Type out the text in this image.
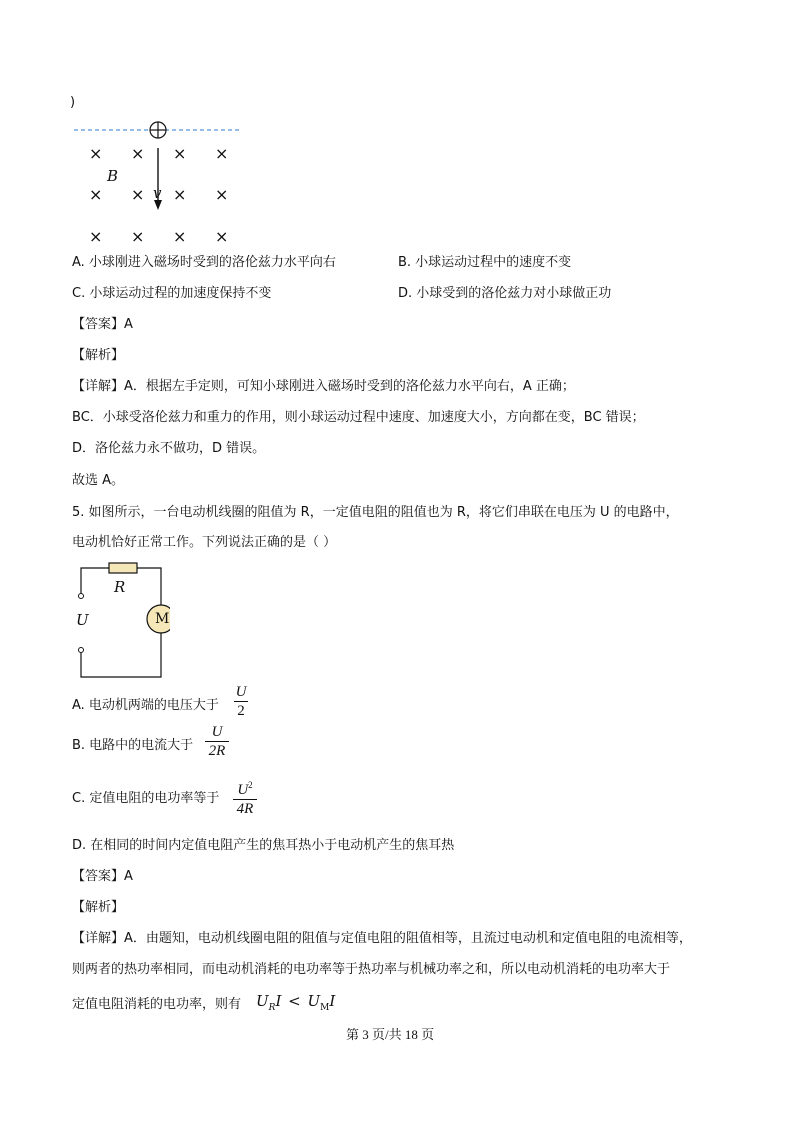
)
× × × ×
× × × ×
× × × ×
B
v
A. 小球刚进入磁场时受到的洛伦兹力水平向右	B. 小球运动过程中的速度不变
C. 小球运动过程的加速度保持不变	D. 小球受到的洛伦兹力对小球做正功
【答案】A
【解析】
【详解】A．根据左手定则，可知小球刚进入磁场时受到的洛伦兹力水平向右，A 正确；
BC．小球受洛伦兹力和重力的作用，则小球运动过程中速度、加速度大小，方向都在变，BC 错误；
D．洛伦兹力永不做功，D 错误。
故选 A。
5. 如图所示，一台电动机线圈的阻值为 R，一定值电阻的阻值也为 R，将它们串联在电压为 U 的电路中，
电动机恰好正常工作。下列说法正确的是（ ）
R
U	M
A. 电动机两端的电压大于
U
2
B. 电路中的电流大于
U
2R
C. 定值电阻的电功率等于
$U^2$
4R
D. 在相同的时间内定值电阻产生的焦耳热小于电动机产生的焦耳热
【答案】A
【解析】
【详解】A．由题知，电动机线圈电阻的阻值与定值电阻的阻值相等，且流过电动机和定值电阻的电流相等，
则两者的热功率相同，而电动机消耗的电功率等于热功率与机械功率之和，所以电动机消耗的电功率大于
定值电阻消耗的电功率，则有 $U_RI < U_MI$
第 3 页/共 18 页
